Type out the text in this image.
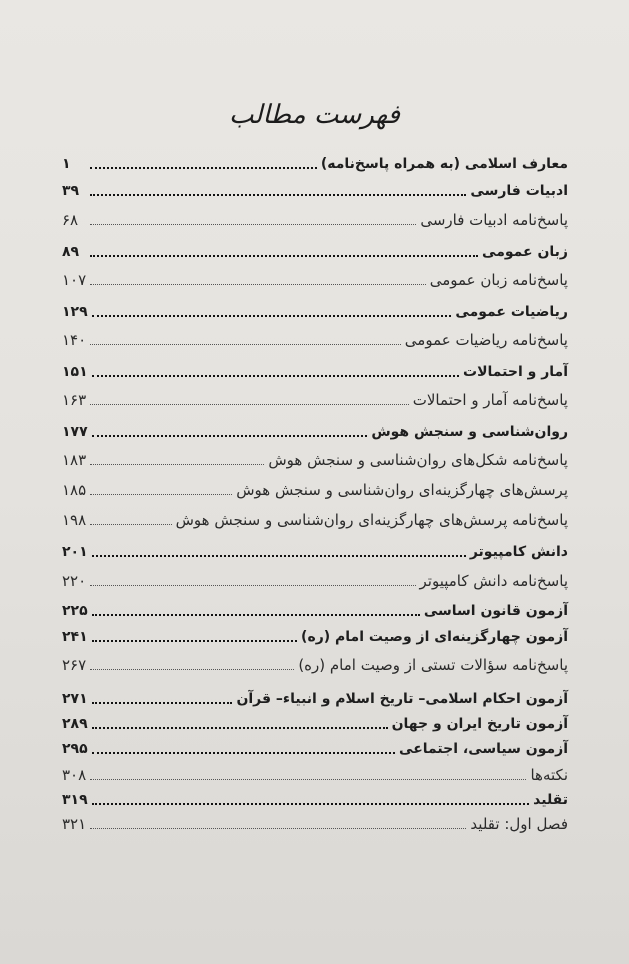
فهرست مطالب
معارف اسلامی (به همراه پاسخ‌نامه)
۱
ادبیات فارسی
۳۹
پاسخ‌نامه ادبیات فارسی
۶۸
زبان عمومی
۸۹
پاسخ‌نامه زبان عمومی
۱۰۷
ریاضیات عمومی
۱۲۹
پاسخ‌نامه ریاضیات عمومی
۱۴۰
آمار و احتمالات
۱۵۱
پاسخ‌نامه آمار و احتمالات
۱۶۳
روان‌شناسی و سنجش هوش
۱۷۷
پاسخ‌نامه شکل‌های روان‌شناسی و سنجش هوش
۱۸۳
پرسش‌های چهارگزینه‌ای روان‌شناسی و سنجش هوش
۱۸۵
پاسخ‌نامه پرسش‌های چهارگزینه‌ای روان‌شناسی و سنجش هوش
۱۹۸
دانش کامپیوتر
۲۰۱
پاسخ‌نامه دانش کامپیوتر
۲۲۰
آزمون قانون اساسی
۲۲۵
آزمون چهارگزینه‌ای از وصیت امام (ره)
۲۴۱
پاسخ‌نامه سؤالات تستی از وصیت امام (ره)
۲۶۷
آزمون احکام اسلامی– تاریخ اسلام و انبیاء– قرآن
۲۷۱
آزمون تاریخ ایران و جهان
۲۸۹
آزمون سیاسی، اجتماعی
۲۹۵
نکته‌ها
۳۰۸
تقلید
۳۱۹
فصل اول: تقلید
۳۲۱
